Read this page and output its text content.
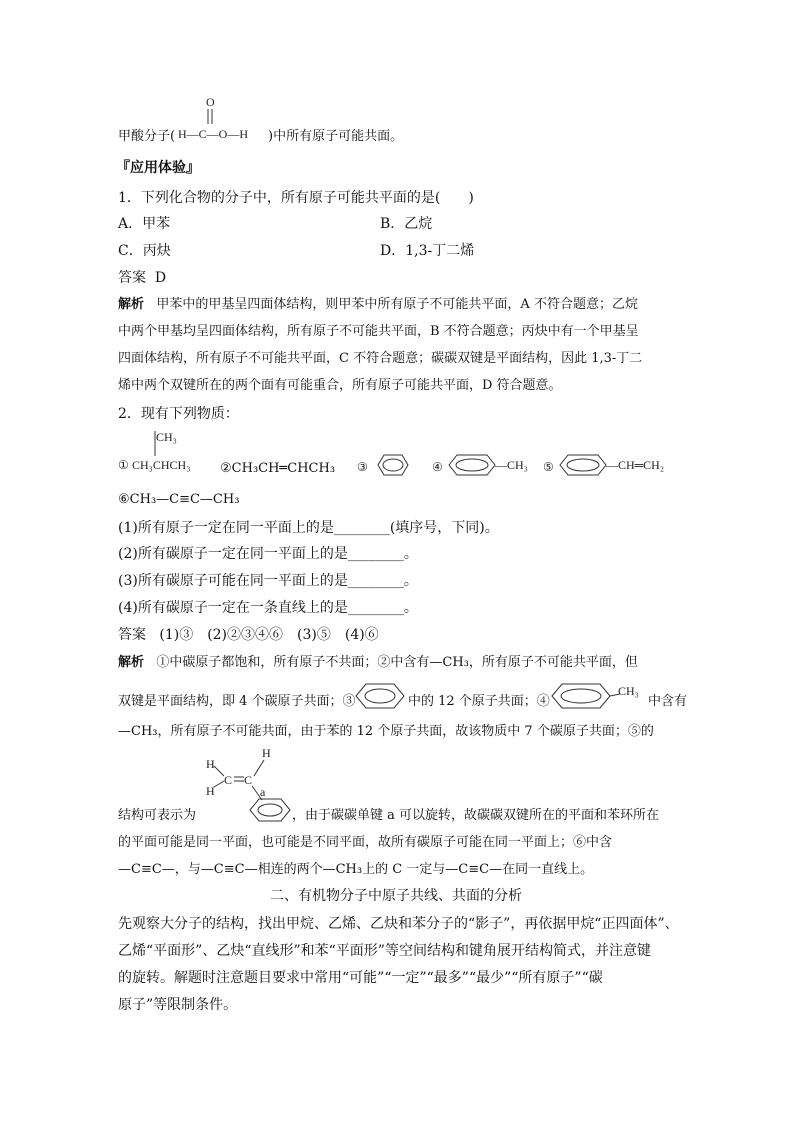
甲酸分子(
O
H—C—O—H )中所有原子可能共面。
『应用体验』
1．下列化合物的分子中，所有原子可能共平面的是(　　)
A．甲苯	B．乙烷
C．丙炔	D．1,3-丁二烯
答案 D
解析 甲苯中的甲基呈四面体结构，则甲苯中所有原子不可能共平面，A 不符合题意；乙烷
中两个甲基均呈四面体结构，所有原子不可能共平面，B 不符合题意；丙炔中有一个甲基呈
四面体结构，所有原子不可能共平面，C 不符合题意；碳碳双键是平面结构，因此 1,3-丁二
烯中两个双键所在的两个面有可能重合，所有原子可能共平面，D 符合题意。
2．现有下列物质：
CH₃
① CH₃CHCH₃ ②CH₃CH═CHCH₃ ③	④	—CH₃ ⑤	—CH═CH₂
⑥CH₃—C≡C—CH₃
(1)所有原子一定在同一平面上的是________(填序号，下同)。
(2)所有碳原子一定在同一平面上的是________。
(3)所有碳原子可能在同一平面上的是________。
(4)所有碳原子一定在一条直线上的是________。
答案 (1)③　(2)②③④⑥　(3)⑤　(4)⑥
解析 ①中碳原子都饱和，所有原子不共面；②中含有—CH₃，所有原子不可能共平面，但
双键是平面结构，即 4 个碳原子共面；③	中的 12 个原子共面；④
CH₃
中含有
—CH₃，所有原子不可能共面，由于苯的 12 个原子共面，故该物质中 7 个碳原子共面；⑤的
H
H
H
C C
a
结构可表示为	，由于碳碳单键 a 可以旋转，故碳碳双键所在的平面和苯环所在
的平面可能是同一平面，也可能是不同平面，故所有碳原子可能在同一平面上；⑥中含
—C≡C—，与—C≡C—相连的两个—CH₃上的 C 一定与—C≡C—在同一直线上。
二、有机物分子中原子共线、共面的分析
先观察大分子的结构，找出甲烷、乙烯、乙炔和苯分子的“影子”，再依据甲烷“正四面体”、
乙烯“平面形”、乙炔“直线形”和苯“平面形”等空间结构和键角展开结构简式，并注意键
的旋转。解题时注意题目要求中常用“可能”“一定”“最多”“最少”“所有原子”“碳
原子”等限制条件。
